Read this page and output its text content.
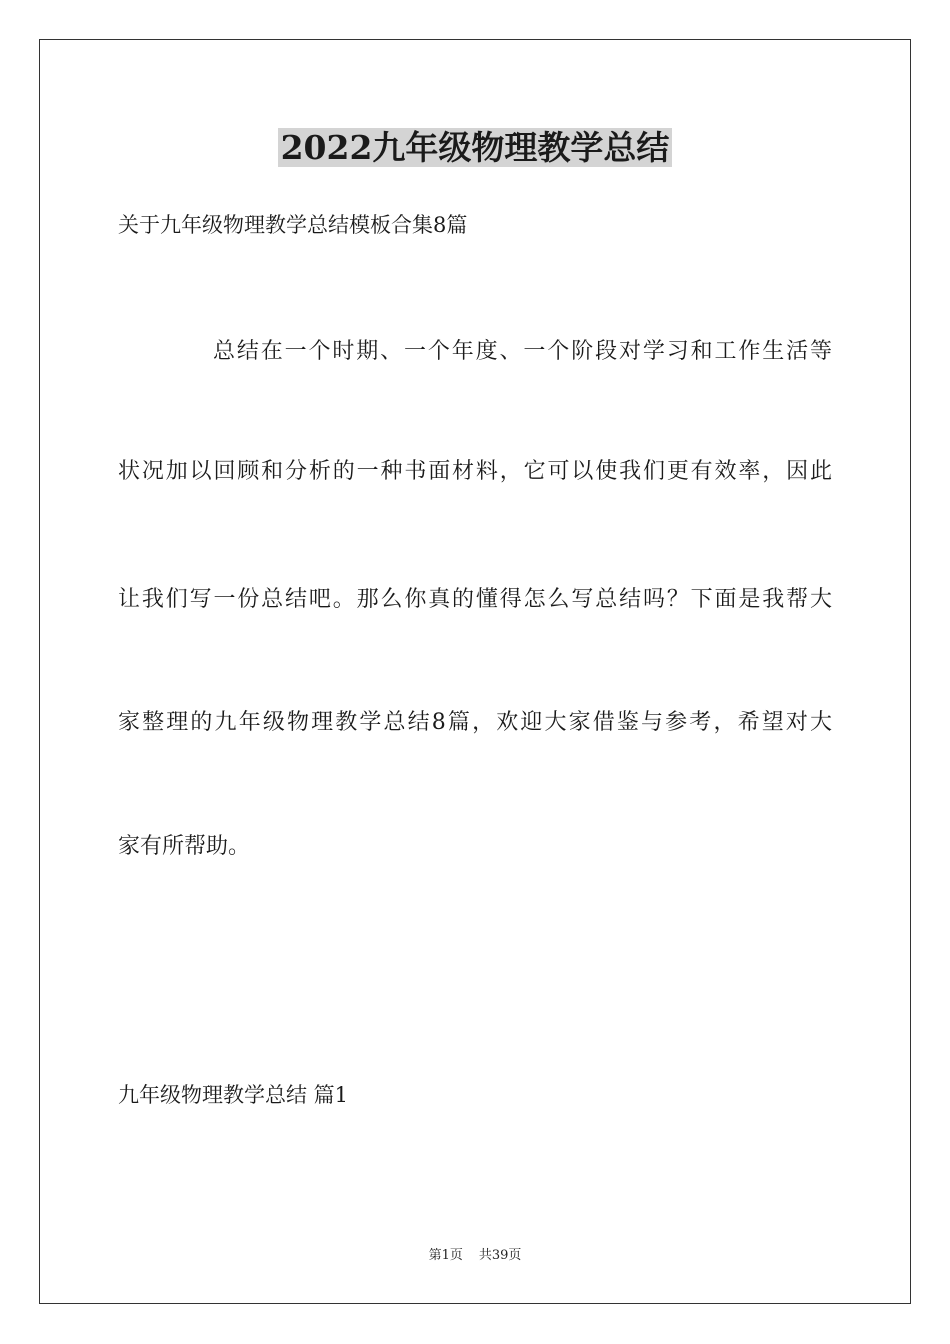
2022九年级物理教学总结
关于九年级物理教学总结模板合集8篇
总结在一个时期、一个年度、一个阶段对学习和工作生活等
状况加以回顾和分析的一种书面材料，它可以使我们更有效率，因此
让我们写一份总结吧。那么你真的懂得怎么写总结吗？下面是我帮大
家整理的九年级物理教学总结8篇，欢迎大家借鉴与参考，希望对大
家有所帮助。
九年级物理教学总结 篇1
第1页 共39页
